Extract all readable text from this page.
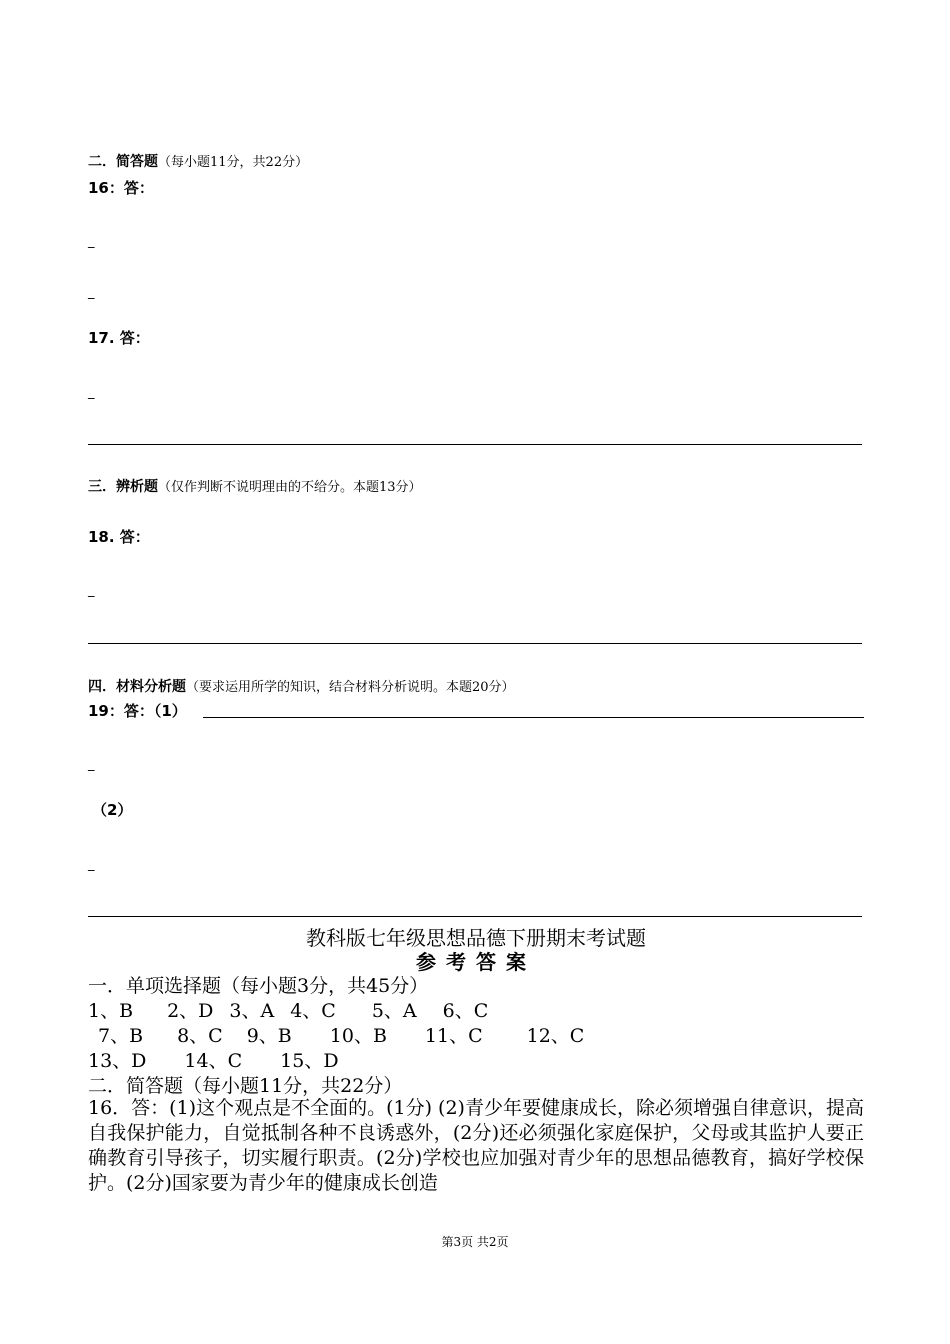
二．简答题（每小题11分，共22分）
16：答：
_
_
17. 答：
_
三．辨析题（仅作判断不说明理由的不给分。本题13分）
18. 答：
_
四．材料分析题（要求运用所学的知识，结合材料分析说明。本题20分）
19：答：（1）
_
（2）
_
教科版七年级思想品德下册期末考试题
参考答案
一．单项选择题（每小题3分，共45分）
1、B 2、D 3、A 4、C 5、A 6、C
7、B 8、C 9、B 10、B 11、C 12、C
13、D 14、C 15、D
二．简答题（每小题11分，共22分）
16．答：(1)这个观点是不全面的。(1分) (2)青少年要健康成长，除必须增强自律意识，提高自我保护能力，自觉抵制各种不良诱惑外，(2分)还必须强化家庭保护，父母或其监护人要正确教育引导孩子，切实履行职责。(2分)学校也应加强对青少年的思想品德教育，搞好学校保护。(2分)国家要为青少年的健康成长创造
第3页 共2页
